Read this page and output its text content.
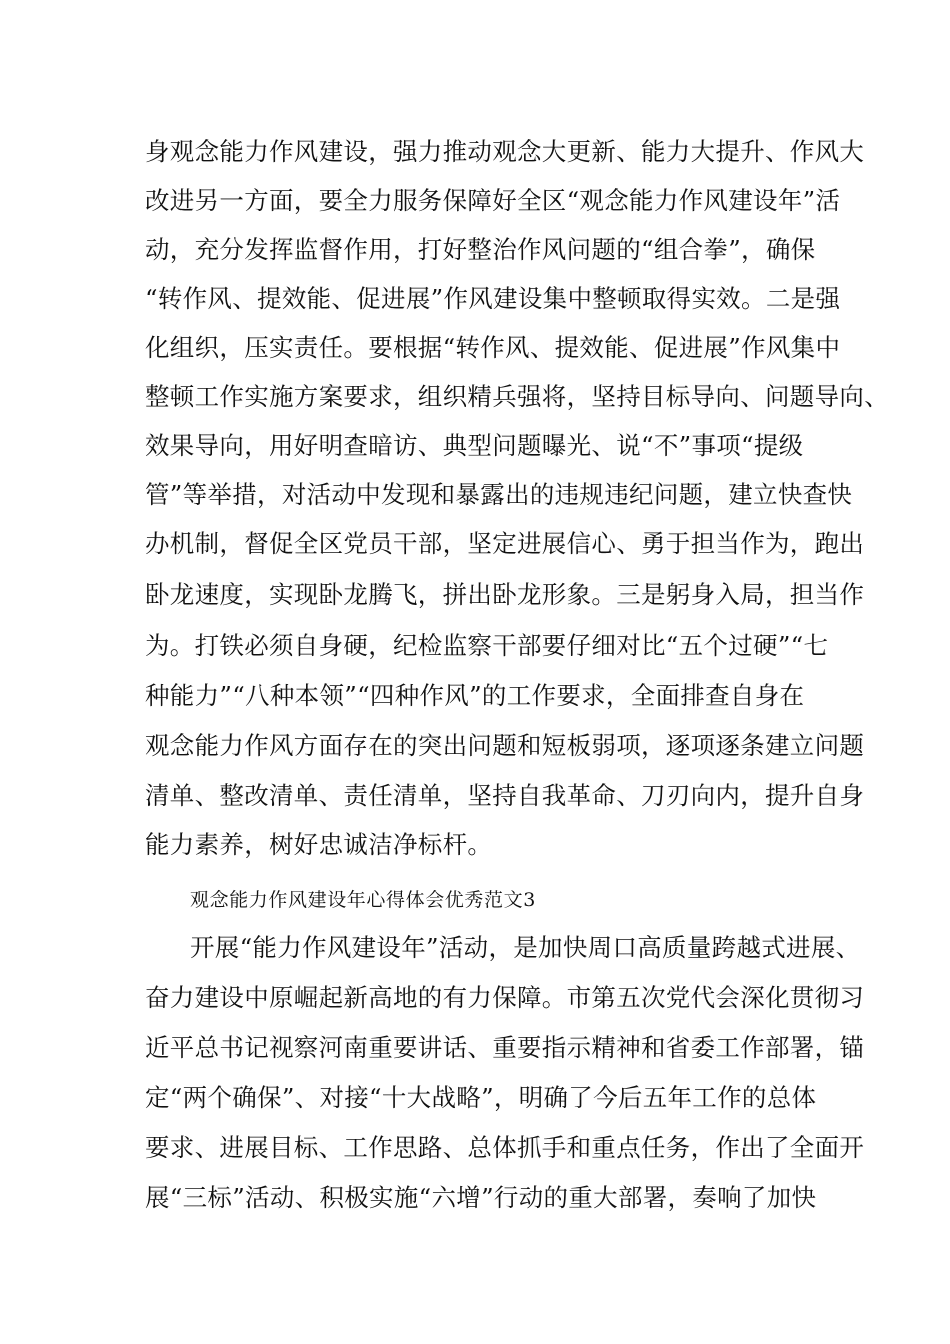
身观念能力作风建设，强力推动观念大更新、能力大提升、作风大
改进另一方面，要全力服务保障好全区“观念能力作风建设年”活
动，充分发挥监督作用，打好整治作风问题的“组合拳”，确保
“转作风、提效能、促进展”作风建设集中整顿取得实效。二是强
化组织，压实责任。要根据“转作风、提效能、促进展”作风集中
整顿工作实施方案要求，组织精兵强将，坚持目标导向、问题导向、
效果导向，用好明查暗访、典型问题曝光、说“不”事项“提级
管”等举措，对活动中发现和暴露出的违规违纪问题，建立快查快
办机制，督促全区党员干部，坚定进展信心、勇于担当作为，跑出
卧龙速度，实现卧龙腾飞，拼出卧龙形象。三是躬身入局，担当作
为。打铁必须自身硬，纪检监察干部要仔细对比“五个过硬”“七
种能力”“八种本领”“四种作风”的工作要求，全面排查自身在
观念能力作风方面存在的突出问题和短板弱项，逐项逐条建立问题
清单、整改清单、责任清单，坚持自我革命、刀刃向内，提升自身
能力素养，树好忠诚洁净标杆。
观念能力作风建设年心得体会优秀范文3
开展“能力作风建设年”活动，是加快周口高质量跨越式进展、
奋力建设中原崛起新高地的有力保障。市第五次党代会深化贯彻习
近平总书记视察河南重要讲话、重要指示精神和省委工作部署，锚
定“两个确保”、对接“十大战略”，明确了今后五年工作的总体
要求、进展目标、工作思路、总体抓手和重点任务，作出了全面开
展“三标”活动、积极实施“六增”行动的重大部署，奏响了加快
